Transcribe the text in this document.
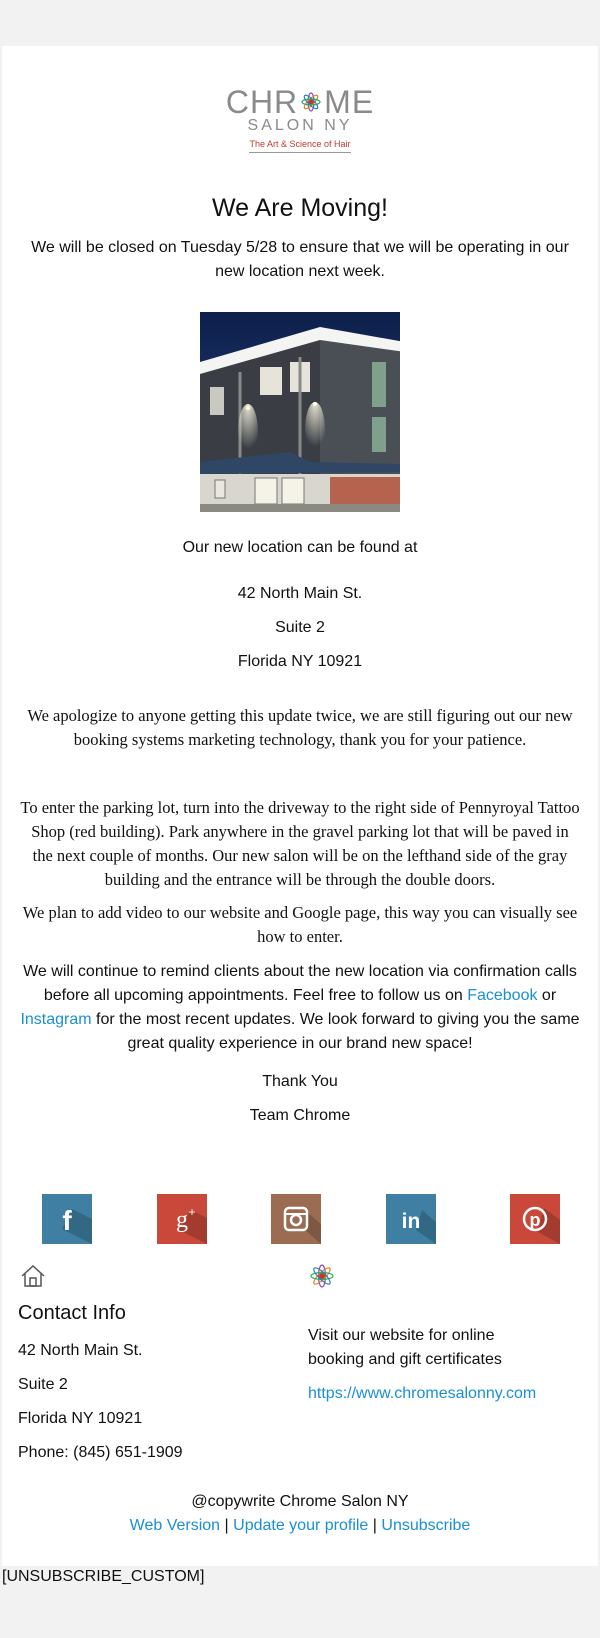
CHR ME
SALON NY
The Art & Science of Hair
We Are Moving!
We will be closed on Tuesday 5/28 to ensure that we will be operating in our new location next week.
Our new location can be found at
42 North Main St.
Suite 2
Florida NY 10921
We apologize to anyone getting this update twice, we are still figuring out our new booking systems marketing technology, thank you for your patience.
To enter the parking lot, turn into the driveway to the right side of Pennyroyal Tattoo Shop (red building). Park anywhere in the gravel parking lot that will be paved in the next couple of months. Our new salon will be on the lefthand side of the gray building and the entrance will be through the double doors.
We plan to add video to our website and Google page, this way you can visually see how to enter.
We will continue to remind clients about the new location via confirmation calls before all upcoming appointments. Feel free to follow us on Facebook or Instagram for the most recent updates. We look forward to giving you the same great quality experience in our brand new space!
Thank You
Team Chrome
f	g +	in	p
Contact Info
42 North Main St.
Suite 2
Florida NY 10921
Phone: (845) 651-1909
Visit our website for online booking and gift certificates
https://www.chromesalonny.com
@copywrite Chrome Salon NY
Web Version | Update your profile | Unsubscribe
[UNSUBSCRIBE_CUSTOM]
